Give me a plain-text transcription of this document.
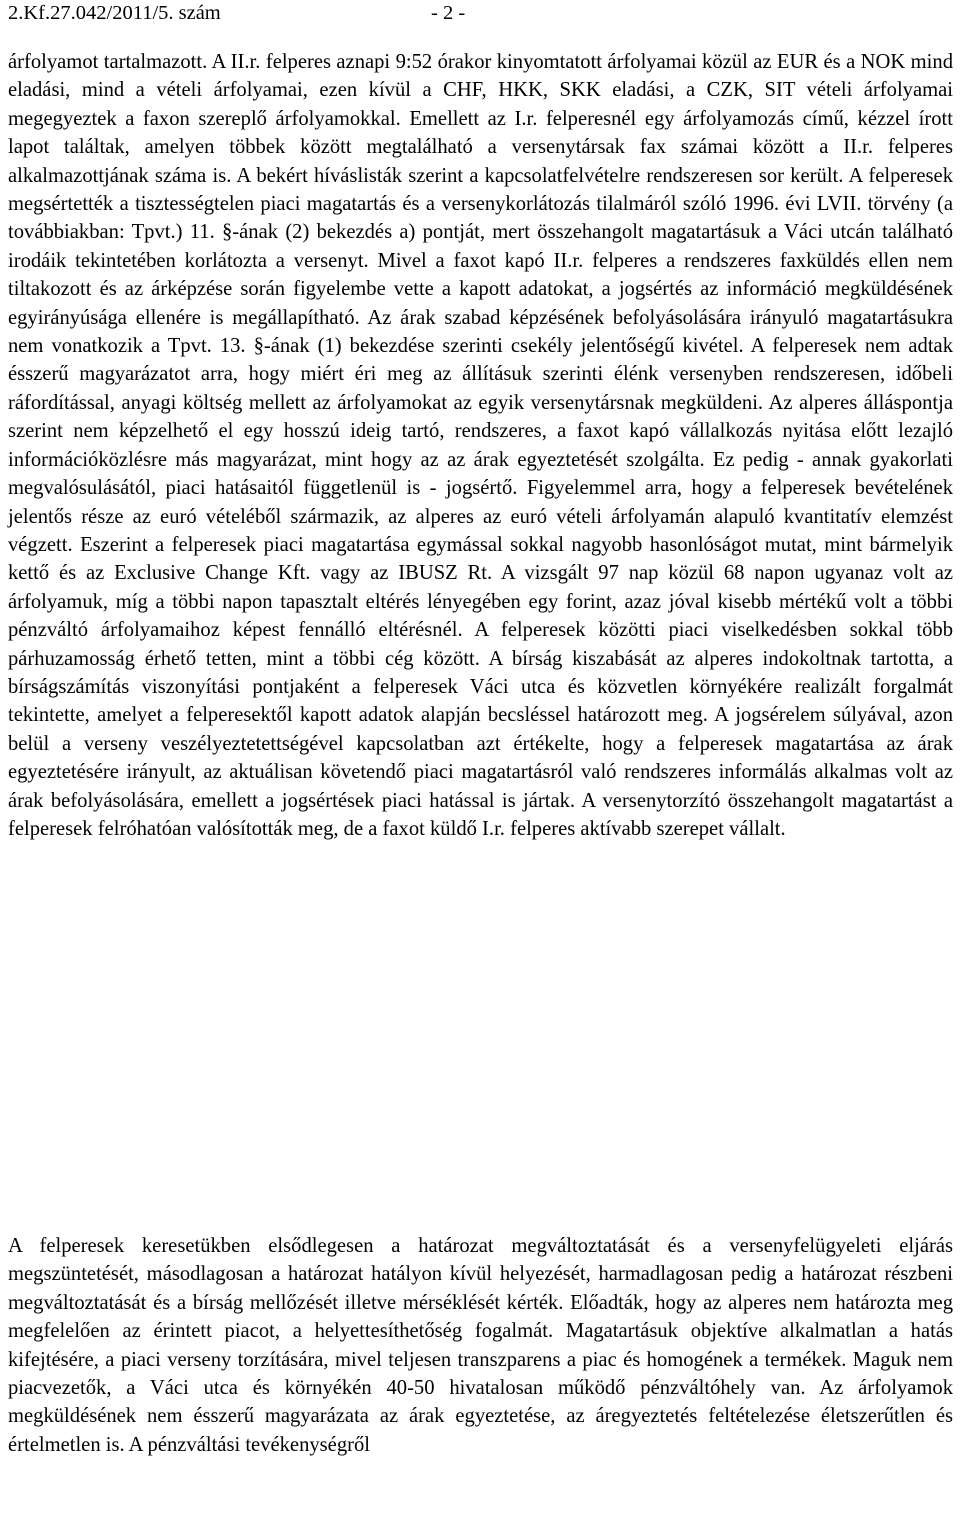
2.Kf.27.042/2011/5. szám	- 2 -

árfolyamot tartalmazott. A II.r. felperes aznapi 9:52 órakor kinyomtatott árfolyamai közül az EUR és a NOK mind eladási, mind a vételi árfolyamai, ezen kívül a CHF, HKK, SKK eladási, a CZK, SIT vételi árfolyamai megegyeztek a faxon szereplő árfolyamokkal. Emellett az I.r. felperesnél egy árfolyamozás című, kézzel írott lapot találtak, amelyen többek között megtalálható a versenytársak fax számai között a II.r. felperes alkalmazottjának száma is. A bekért híváslisták szerint a kapcsolatfelvételre rendszeresen sor került. A felperesek megsértették a tisztességtelen piaci magatartás és a versenykorlátozás tilalmáról szóló 1996. évi LVII. törvény (a továbbiakban: Tpvt.) 11. §-ának (2) bekezdés a) pontját, mert összehangolt magatartásuk a Váci utcán található irodáik tekintetében korlátozta a versenyt. Mivel a faxot kapó II.r. felperes a rendszeres faxküldés ellen nem tiltakozott és az árképzése során figyelembe vette a kapott adatokat, a jogsértés az információ megküldésének egyirányúsága ellenére is megállapítható. Az árak szabad képzésének befolyásolására irányuló magatartásukra nem vonatkozik a Tpvt. 13. §-ának (1) bekezdése szerinti csekély jelentőségű kivétel. A felperesek nem adtak ésszerű magyarázatot arra, hogy miért éri meg az állításuk szerinti élénk versenyben rendszeresen, időbeli ráfordítással, anyagi költség mellett az árfolyamokat az egyik versenytársnak megküldeni. Az alperes álláspontja szerint nem képzelhető el egy hosszú ideig tartó, rendszeres, a faxot kapó vállalkozás nyitása előtt lezajló információközlésre más magyarázat, mint hogy az az árak egyeztetését szolgálta. Ez pedig - annak gyakorlati megvalósulásától, piaci hatásaitól függetlenül is - jogsértő. Figyelemmel arra, hogy a felperesek bevételének jelentős része az euró vételéből származik, az alperes az euró vételi árfolyamán alapuló kvantitatív elemzést végzett. Eszerint a felperesek piaci magatartása egymással sokkal nagyobb hasonlóságot mutat, mint bármelyik kettő és az Exclusive Change Kft. vagy az IBUSZ Rt. A vizsgált 97 nap közül 68 napon ugyanaz volt az árfolyamuk, míg a többi napon tapasztalt eltérés lényegében egy forint, azaz jóval kisebb mértékű volt a többi pénzváltó árfolyamaihoz képest fennálló eltérésnél. A felperesek közötti piaci viselkedésben sokkal több párhuzamosság érhető tetten, mint a többi cég között. A bírság kiszabását az alperes indokoltnak tartotta, a bírságszámítás viszonyítási pontjaként a felperesek Váci utca és közvetlen környékére realizált forgalmát tekintette, amelyet a felperesektől kapott adatok alapján becsléssel határozott meg. A jogsérelem súlyával, azon belül a verseny veszélyeztetettségével kapcsolatban azt értékelte, hogy a felperesek magatartása az árak egyeztetésére irányult, az aktuálisan követendő piaci magatartásról való rendszeres informálás alkalmas volt az árak befolyásolására, emellett a jogsértések piaci hatással is jártak. A versenytorzító összehangolt magatartást a felperesek felróhatóan valósították meg, de a faxot küldő I.r. felperes aktívabb szerepet vállalt.

A felperesek keresetükben elsődlegesen a határozat megváltoztatását és a versenyfelügyeleti eljárás megszüntetését, másodlagosan a határozat hatályon kívül helyezését, harmadlagosan pedig a határozat részbeni megváltoztatását és a bírság mellőzését illetve mérséklését kérték. Előadták, hogy az alperes nem határozta meg megfelelően az érintett piacot, a helyettesíthetőség fogalmát. Magatartásuk objektíve alkalmatlan a hatás kifejtésére, a piaci verseny torzítására, mivel teljesen transzparens a piac és homogének a termékek. Maguk nem piacvezetők, a Váci utca és környékén 40-50 hivatalosan működő pénzváltóhely van. Az árfolyamok megküldésének nem ésszerű magyarázata az árak egyeztetése, az áregyeztetés feltételezése életszerűtlen és értelmetlen is. A pénzváltási tevékenységről
